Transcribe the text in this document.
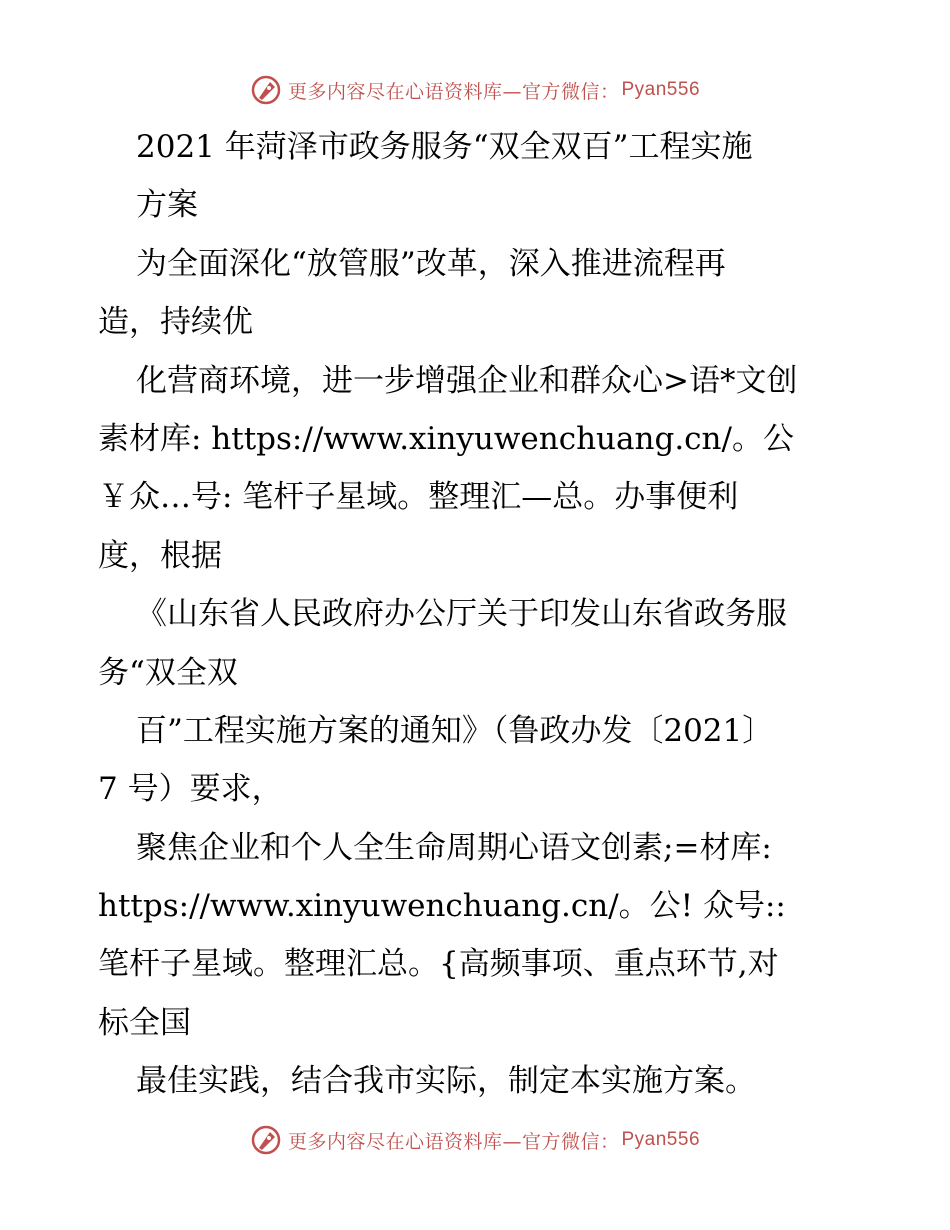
更多内容尽在心语资料库—官方微信： Pyan556
2021 年菏泽市政务服务“双全双百”工程实施
方案
为全面深化“放管服”改革，深入推进流程再
造，持续优
化营商环境，进一步增强企业和群众心>语*文创
素材库: https://www.xinyuwenchuang.cn/。公
￥众…号: 笔杆子星域。整理汇—总。办事便利
度，根据
《山东省人民政府办公厅关于印发山东省政务服
务“双全双
百”工程实施方案的通知》（鲁政办发〔2021〕
7 号）要求，
聚焦企业和个人全生命周期心语文创素;=材库:
https://www.xinyuwenchuang.cn/。公! 众号::
笔杆子星域。整理汇总。{高频事项、重点环节,对
标全国
最佳实践，结合我市实际，制定本实施方案。
更多内容尽在心语资料库—官方微信： Pyan556
